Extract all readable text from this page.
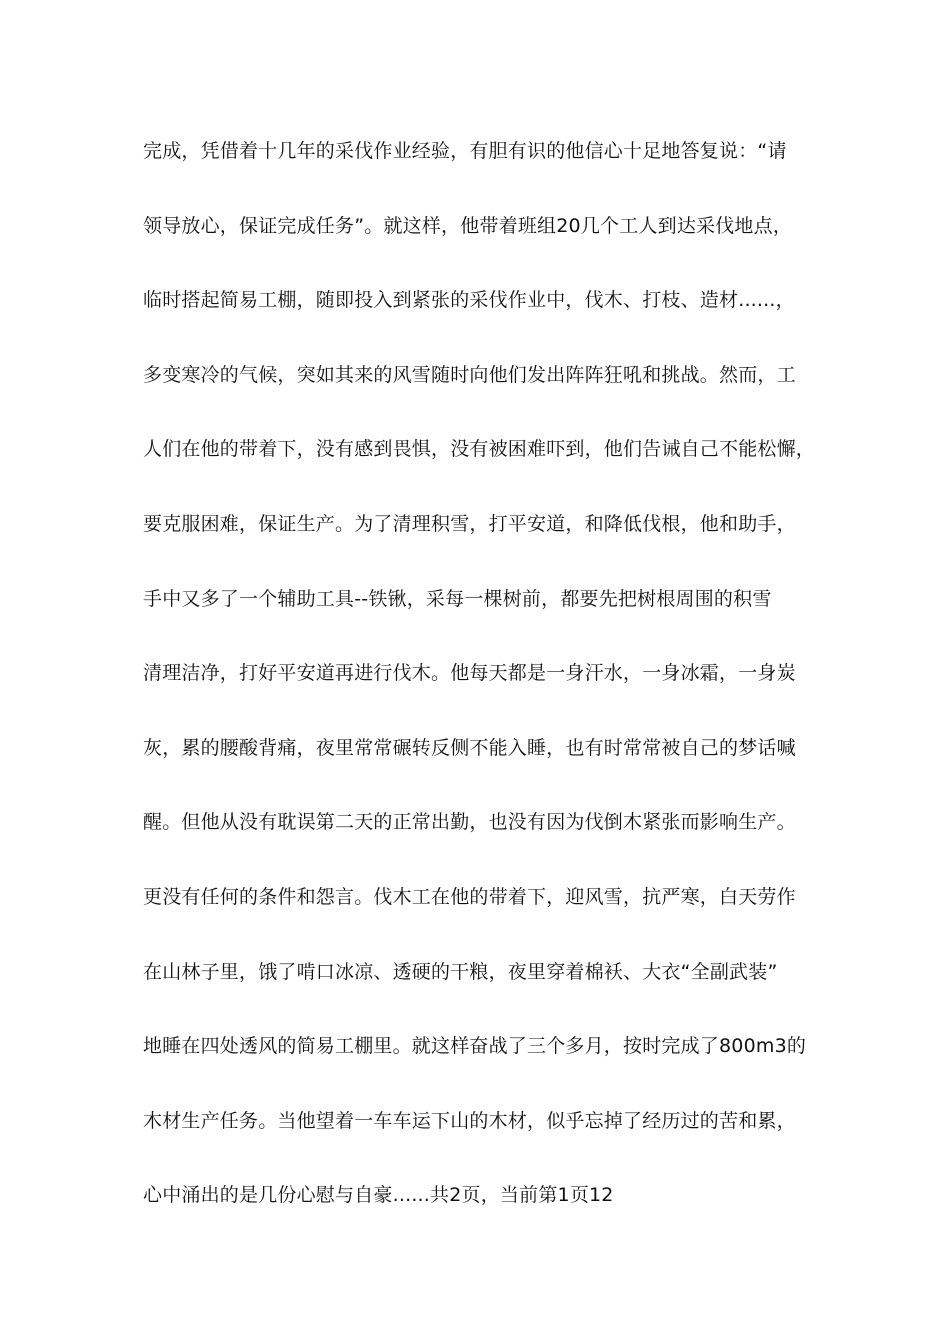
完成，凭借着十几年的采伐作业经验，有胆有识的他信心十足地答复说：“请
领导放心，保证完成任务”。就这样，他带着班组20几个工人到达采伐地点，
临时搭起简易工棚，随即投入到紧张的采伐作业中，伐木、打枝、造材......，
多变寒冷的气候，突如其来的风雪随时向他们发出阵阵狂吼和挑战。然而，工
人们在他的带着下，没有感到畏惧，没有被困难吓到，他们告诫自己不能松懈，
要克服困难，保证生产。为了清理积雪，打平安道，和降低伐根，他和助手，
手中又多了一个辅助工具--铁锹，采每一棵树前，都要先把树根周围的积雪
清理洁净，打好平安道再进行伐木。他每天都是一身汗水，一身冰霜，一身炭
灰，累的腰酸背痛，夜里常常碾转反侧不能入睡，也有时常常被自己的梦话喊
醒。但他从没有耽误第二天的正常出勤，也没有因为伐倒木紧张而影响生产。
更没有任何的条件和怨言。伐木工在他的带着下，迎风雪，抗严寒，白天劳作
在山林子里，饿了啃口冰凉、透硬的干粮，夜里穿着棉袄、大衣“全副武装”
地睡在四处透风的简易工棚里。就这样奋战了三个多月，按时完成了800m3的
木材生产任务。当他望着一车车运下山的木材，似乎忘掉了经历过的苦和累，
心中涌出的是几份心慰与自豪......共2页，当前第1页12
